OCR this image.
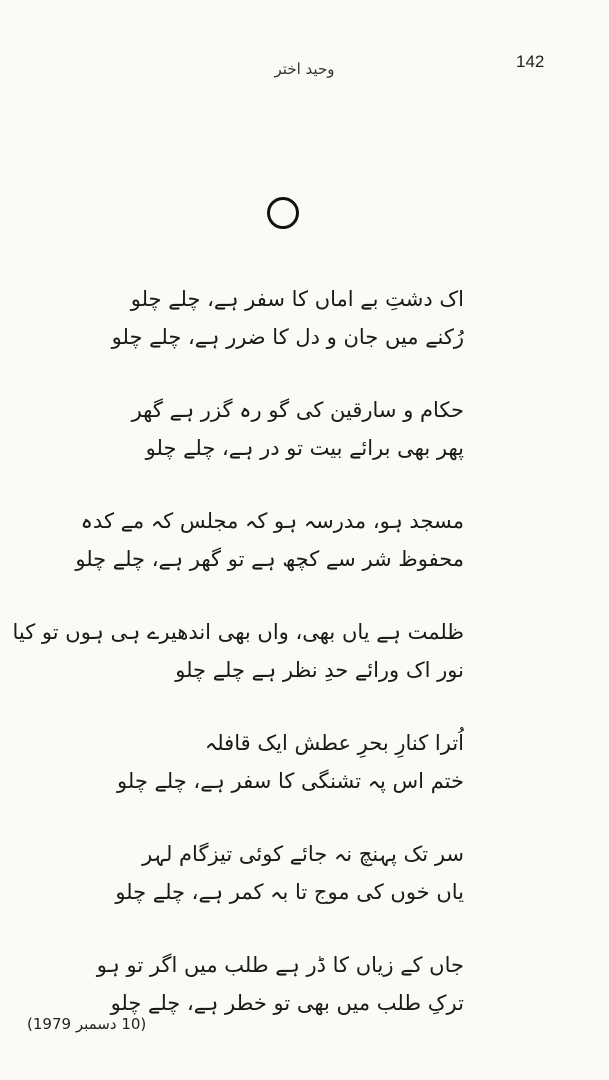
142
وحید اختر
اک دشتِ بے اماں کا سفر ہے، چلے چلو
رُکنے میں جان و دل کا ضرر ہے، چلے چلو
حکام و سارقین کی گو رہ گزر ہے گھر
پھر بھی برائے بیت تو در ہے، چلے چلو
مسجد ہو، مدرسہ ہو کہ مجلس کہ مے کدہ
محفوظ شر سے کچھ ہے تو گھر ہے، چلے چلو
ظلمت ہے یاں بھی، واں بھی اندھیرے ہی ہوں تو کیا
نور اک ورائے حدِ نظر ہے چلے چلو
اُترا کنارِ بحرِ عطش ایک قافلہ
ختم اس پہ تشنگی کا سفر ہے، چلے چلو
سر تک پہنچ نہ جائے کوئی تیزگام لہر
یاں خوں کی موج تا بہ کمر ہے، چلے چلو
جاں کے زیاں کا ڈر ہے طلب میں اگر تو ہو
ترکِ طلب میں بھی تو خطر ہے، چلے چلو
(10 دسمبر 1979)
